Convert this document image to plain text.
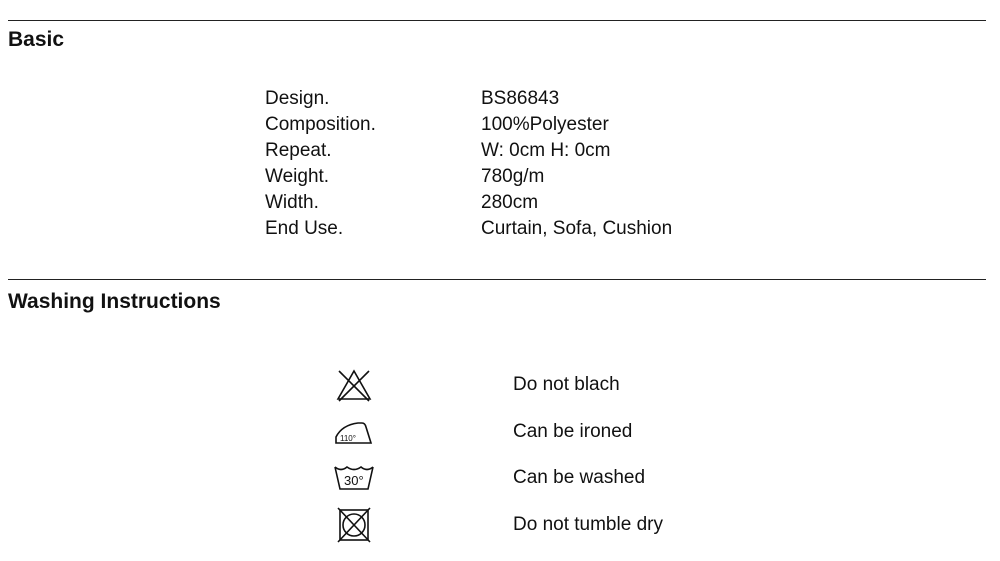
Basic
Design.	BS86843
Composition.	100%Polyester
Repeat.	W: 0cm H: 0cm
Weight.	780g/m
Width.	280cm
End Use.	Curtain, Sofa, Cushion
Washing Instructions
Do not blach
110°	Can be ironed
30°	Can be washed
Do not tumble dry
